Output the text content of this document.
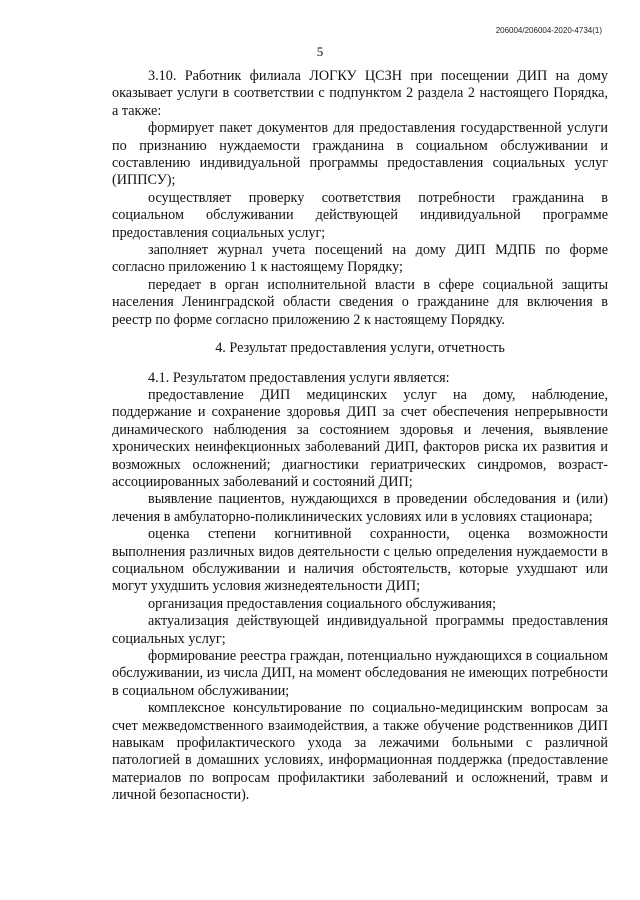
206004/206004-2020-4734(1)
5

3.10. Работник филиала ЛОГКУ ЦСЗН при посещении ДИП на дому оказывает услуги в соответствии с подпунктом 2 раздела 2 настоящего Порядка, а также:

формирует пакет документов для предоставления государственной услуги по признанию нуждаемости гражданина в социальном обслуживании и составлению индивидуальной программы предоставления социальных услуг (ИППСУ);

осуществляет проверку соответствия потребности гражданина в социальном обслуживании действующей индивидуальной программе предоставления социальных услуг;

заполняет журнал учета посещений на дому ДИП МДПБ по форме согласно приложению 1 к настоящему Порядку;

передает в орган исполнительной власти в сфере социальной защиты населения Ленинградской области сведения о гражданине для включения в реестр по форме согласно приложению 2 к настоящему Порядку.

4. Результат предоставления услуги, отчетность

4.1. Результатом предоставления услуги является:

предоставление ДИП медицинских услуг на дому, наблюдение, поддержание и сохранение здоровья ДИП за счет обеспечения непрерывности динамического наблюдения за состоянием здоровья и лечения, выявление хронических неинфекционных заболеваний ДИП, факторов риска их развития и возможных осложнений; диагностики гериатрических синдромов, возраст-ассоциированных заболеваний и состояний ДИП;

выявление пациентов, нуждающихся в проведении обследования и (или) лечения в амбулаторно-поликлинических условиях или в условиях стационара;

оценка степени когнитивной сохранности, оценка возможности выполнения различных видов деятельности с целью определения нуждаемости в социальном обслуживании и наличия обстоятельств, которые ухудшают или могут ухудшить условия жизнедеятельности ДИП;

организация предоставления социального обслуживания;

актуализация действующей индивидуальной программы предоставления социальных услуг;

формирование реестра граждан, потенциально нуждающихся в социальном обслуживании, из числа ДИП, на момент обследования не имеющих потребности в социальном обслуживании;

комплексное консультирование по социально-медицинским вопросам за счет межведомственного взаимодействия, а также обучение родственников ДИП навыкам профилактического ухода за лежачими больными с различной патологией в домашних условиях, информационная поддержка (предоставление материалов по вопросам профилактики заболеваний и осложнений, травм и личной безопасности).
